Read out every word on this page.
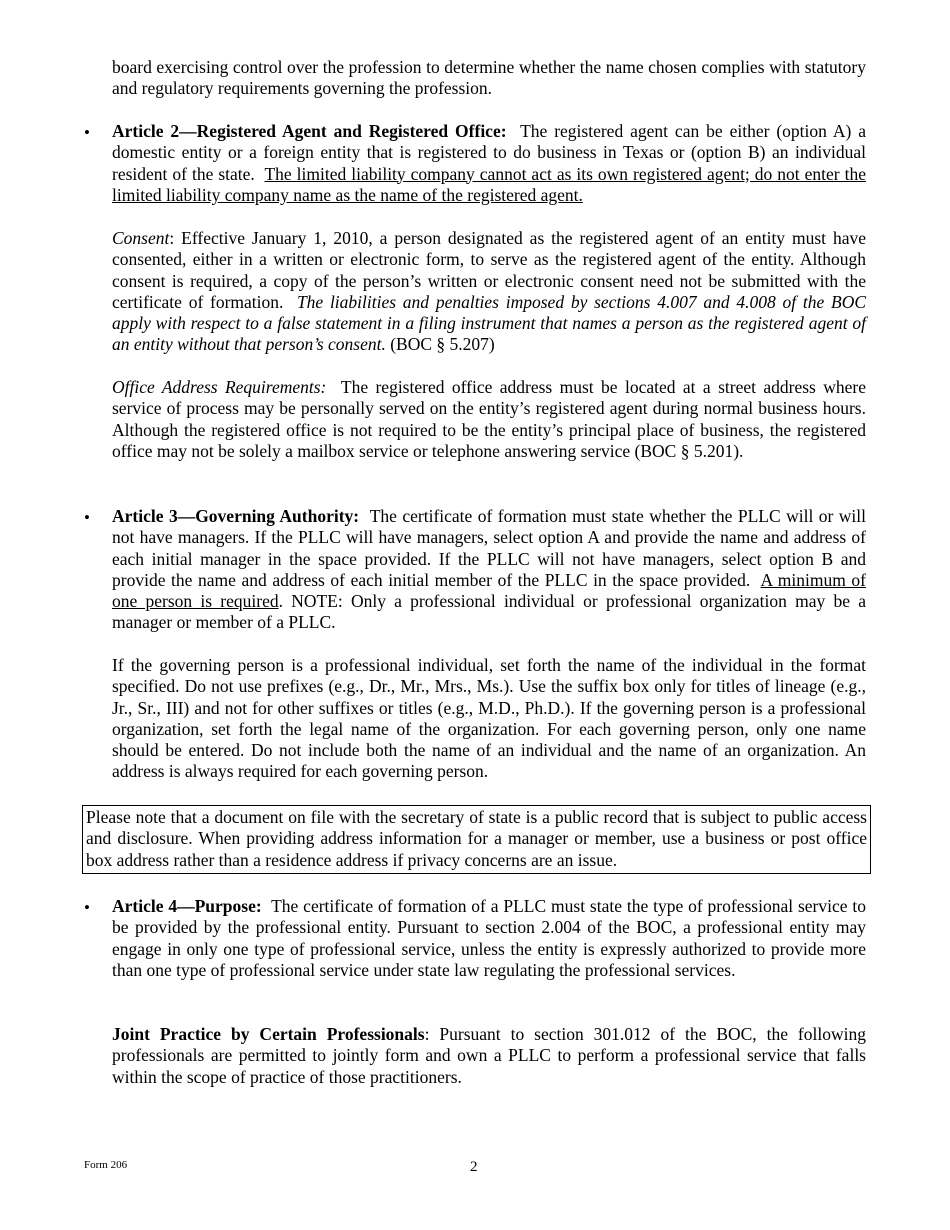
board exercising control over the profession to determine whether the name chosen complies with statutory and regulatory requirements governing the profession.

• Article 2—Registered Agent and Registered Office: The registered agent can be either (option A) a domestic entity or a foreign entity that is registered to do business in Texas or (option B) an individual resident of the state. The limited liability company cannot act as its own registered agent; do not enter the limited liability company name as the name of the registered agent.

Consent: Effective January 1, 2010, a person designated as the registered agent of an entity must have consented, either in a written or electronic form, to serve as the registered agent of the entity. Although consent is required, a copy of the person’s written or electronic consent need not be submitted with the certificate of formation. The liabilities and penalties imposed by sections 4.007 and 4.008 of the BOC apply with respect to a false statement in a filing instrument that names a person as the registered agent of an entity without that person’s consent. (BOC § 5.207)

Office Address Requirements: The registered office address must be located at a street address where service of process may be personally served on the entity’s registered agent during normal business hours. Although the registered office is not required to be the entity’s principal place of business, the registered office may not be solely a mailbox service or telephone answering service (BOC § 5.201).

• Article 3—Governing Authority: The certificate of formation must state whether the PLLC will or will not have managers. If the PLLC will have managers, select option A and provide the name and address of each initial manager in the space provided. If the PLLC will not have managers, select option B and provide the name and address of each initial member of the PLLC in the space provided. A minimum of one person is required. NOTE: Only a professional individual or professional organization may be a manager or member of a PLLC.

If the governing person is a professional individual, set forth the name of the individual in the format specified. Do not use prefixes (e.g., Dr., Mr., Mrs., Ms.). Use the suffix box only for titles of lineage (e.g., Jr., Sr., III) and not for other suffixes or titles (e.g., M.D., Ph.D.). If the governing person is a professional organization, set forth the legal name of the organization. For each governing person, only one name should be entered. Do not include both the name of an individual and the name of an organization. An address is always required for each governing person.

Please note that a document on file with the secretary of state is a public record that is subject to public access and disclosure. When providing address information for a manager or member, use a business or post office box address rather than a residence address if privacy concerns are an issue.

• Article 4—Purpose: The certificate of formation of a PLLC must state the type of professional service to be provided by the professional entity. Pursuant to section 2.004 of the BOC, a professional entity may engage in only one type of professional service, unless the entity is expressly authorized to provide more than one type of professional service under state law regulating the professional services.

Joint Practice by Certain Professionals: Pursuant to section 301.012 of the BOC, the following professionals are permitted to jointly form and own a PLLC to perform a professional service that falls within the scope of practice of those practitioners.

Form 206	2
